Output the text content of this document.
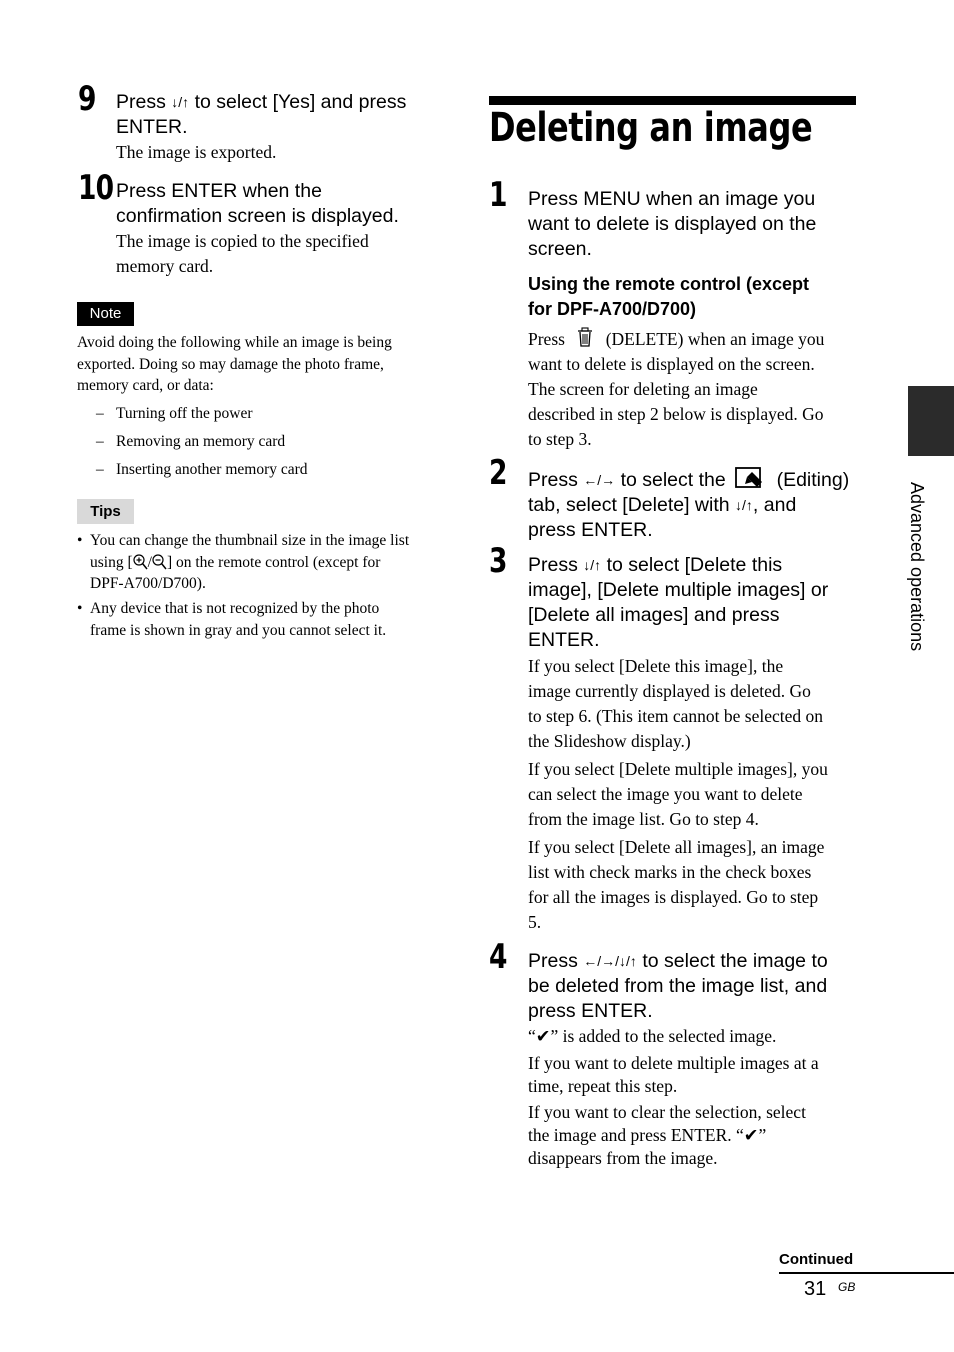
9 Press ↓/↑ to select [Yes] and press
ENTER.
The image is exported.
10 Press ENTER when the
confirmation screen is displayed.
The image is copied to the specified
memory card.
Note
Avoid doing the following while an image is being
exported. Doing so may damage the photo frame,
memory card, or data:
– Turning off the power
– Removing an memory card
– Inserting another memory card
Tips
• You can change the thumbnail size in the image list
using [ / ] on the remote control (except for
DPF-A700/D700).
• Any device that is not recognized by the photo
frame is shown in gray and you cannot select it.
Deleting an image
1 Press MENU when an image you
want to delete is displayed on the
screen.
Using the remote control (except
for DPF-A700/D700)
Press (DELETE) when an image you
want to delete is displayed on the screen.
The screen for deleting an image
described in step 2 below is displayed. Go
to step 3.
2 Press ←/→ to select the	(Editing)
tab, select [Delete] with ↓/↑, and
press ENTER.
3 Press ↓/↑ to select [Delete this
image], [Delete multiple images] or
[Delete all images] and press
ENTER.
If you select [Delete this image], the
image currently displayed is deleted. Go
to step 6. (This item cannot be selected on
the Slideshow display.)
If you select [Delete multiple images], you
can select the image you want to delete
from the image list. Go to step 4.
If you select [Delete all images], an image
list with check marks in the check boxes
for all the images is displayed. Go to step
5.
4 Press ←/→/↓/↑ to select the image to
be deleted from the image list, and
press ENTER.
“✔” is added to the selected image.
If you want to delete multiple images at a
time, repeat this step.
If you want to clear the selection, select
the image and press ENTER. “✔”
disappears from the image.
Advanced operations
Continued
31 GB
